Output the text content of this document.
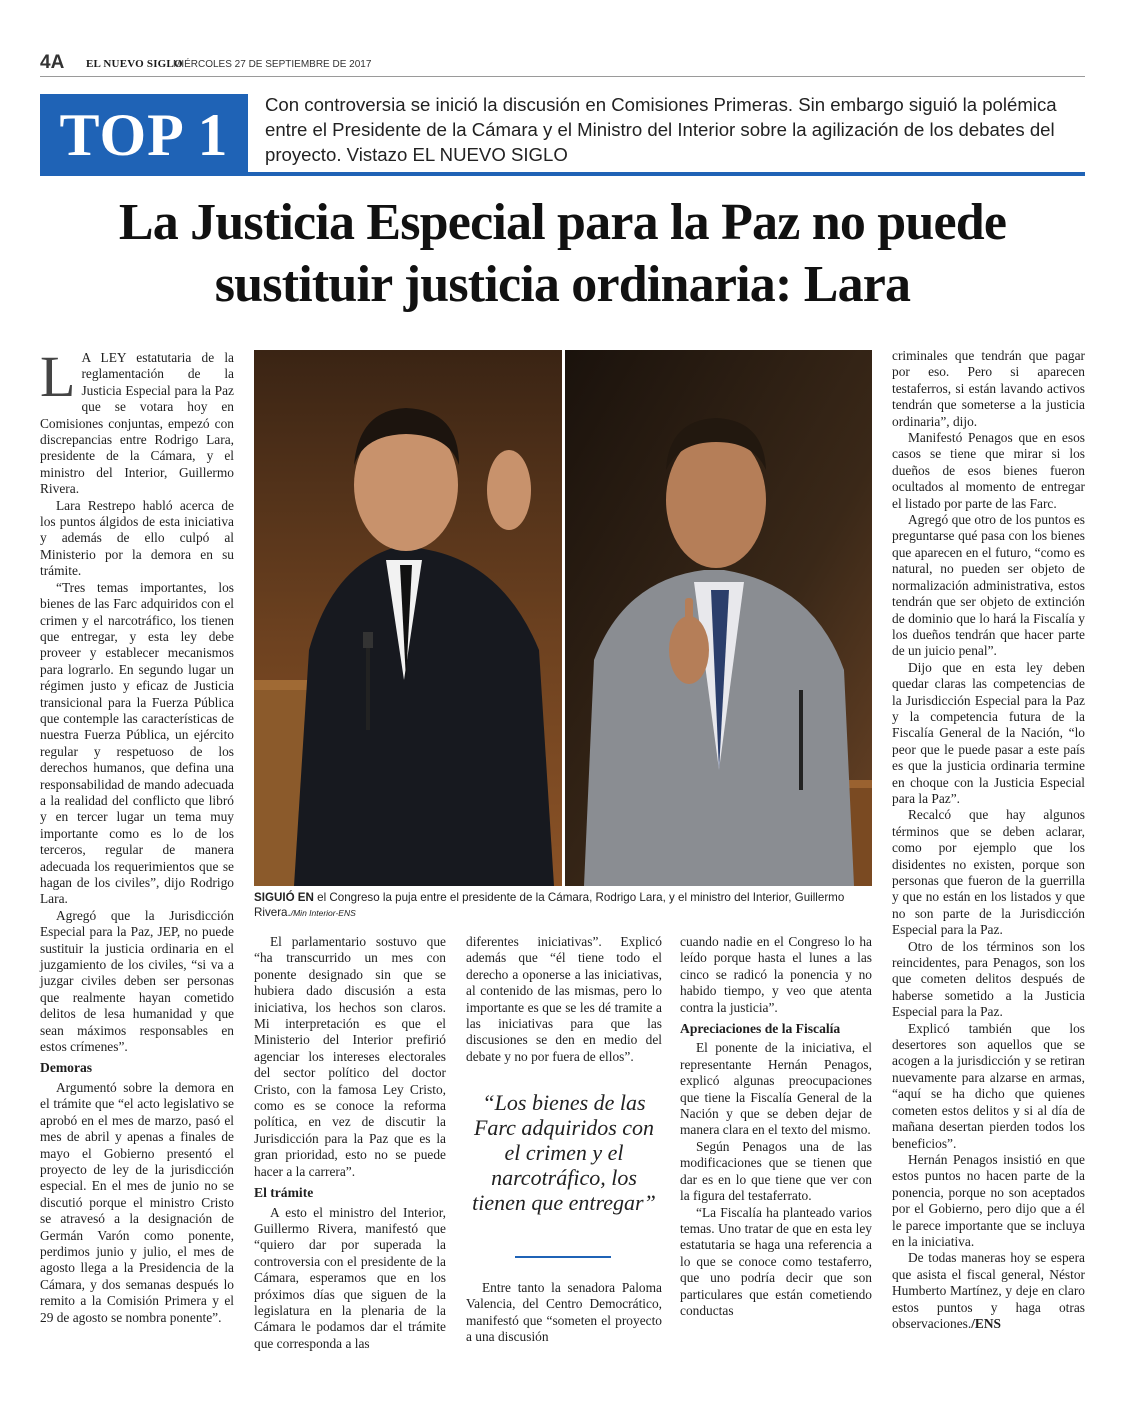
4A EL NUEVO SIGLO
MIÉRCOLES 27 DE SEPTIEMBRE DE 2017
TOP 1 Con controversia se inició la discusión en Comisiones Primeras. Sin embargo siguió la polémica entre el Presidente de la Cámara y el Ministro del Interior sobre la agilización de los debates del proyecto. Vistazo EL NUEVO SIGLO
La Justicia Especial para la Paz no puede sustituir justicia ordinaria: Lara

L A LEY estatutaria de la reglamentación de la Justicia Especial para la Paz que se votara hoy en Comisiones conjuntas, empezó con discrepancias entre Rodrigo Lara, presidente de la Cámara, y el ministro del Interior, Guillermo Rivera.

Lara Restrepo habló acerca de los puntos álgidos de esta iniciativa y además de ello culpó al Ministerio por la demora en su trámite.

“Tres temas importantes, los bienes de las Farc adquiridos con el crimen y el narcotráfico, los tienen que entregar, y esta ley debe proveer y establecer mecanismos para lograrlo. En segundo lugar un régimen justo y eficaz de Justicia transicional para la Fuerza Pública que contemple las características de nuestra Fuerza Pública, un ejército regular y respetuoso de los derechos humanos, que defina una responsabilidad de mando adecuada a la realidad del conflicto que libró y en tercer lugar un tema muy importante como es lo de los terceros, regular de manera adecuada los requerimientos que se hagan de los civiles”, dijo Rodrigo Lara.

Agregó que la Jurisdicción Especial para la Paz, JEP, no puede sustituir la justicia ordinaria en el juzgamiento de los civiles, “si va a juzgar civiles deben ser personas que realmente hayan cometido delitos de lesa humanidad y que sean máximos responsables en estos crímenes”.

Demoras

Argumentó sobre la demora en el trámite que “el acto legislativo se aprobó en el mes de marzo, pasó el mes de abril y apenas a finales de mayo el Gobierno presentó el proyecto de ley de la jurisdicción especial. En el mes de junio no se discutió porque el ministro Cristo se atravesó a la designación de Germán Varón como ponente, perdimos junio y julio, el mes de agosto llega a la Presidencia de la Cámara, y dos semanas después lo remito a la Comisión Primera y el 29 de agosto se nombra ponente”.

SIGUIÓ EN el Congreso la puja entre el presidente de la Cámara, Rodrigo Lara, y el ministro del Interior, Guillermo Rivera./Min Interior-ENS

El parlamentario sostuvo que “ha transcurrido un mes con ponente designado sin que se hubiera dado discusión a esta iniciativa, los hechos son claros. Mi interpretación es que el Ministerio del Interior prefirió agenciar los intereses electorales del sector político del doctor Cristo, con la famosa Ley Cristo, como es se conoce la reforma política, en vez de discutir la Jurisdicción para la Paz que es la gran prioridad, esto no se puede hacer a la carrera”.

El trámite

A esto el ministro del Interior, Guillermo Rivera, manifestó que “quiero dar por superada la controversia con el presidente de la Cámara, esperamos que en los próximos días que siguen de la legislatura en la plenaria de la Cámara le podamos dar el trámite que corresponda a las

diferentes iniciativas”. Explicó además que “él tiene todo el derecho a oponerse a las iniciativas, al contenido de las mismas, pero lo importante es que se les dé tramite a las iniciativas para que las discusiones se den en medio del debate y no por fuera de ellos”.

“Los bienes de las Farc adquiridos con el crimen y el narcotráfico, los tienen que entregar”

Entre tanto la senadora Paloma Valencia, del Centro Democrático, manifestó que “someten el proyecto a una discusión

cuando nadie en el Congreso lo ha leído porque hasta el lunes a las cinco se radicó la ponencia y no habido tiempo, y veo que atenta contra la justicia”.

Apreciaciones de la Fiscalía

El ponente de la iniciativa, el representante Hernán Penagos, explicó algunas preocupaciones que tiene la Fiscalía General de la Nación y que se deben dejar de manera clara en el texto del mismo.

Según Penagos una de las modificaciones que se tienen que dar es en lo que tiene que ver con la figura del testaferrato.

“La Fiscalía ha planteado varios temas. Uno tratar de que en esta ley estatutaria se haga una referencia a lo que se conoce como testaferro, que uno podría decir que son particulares que están cometiendo conductas

criminales que tendrán que pagar por eso. Pero si aparecen testaferros, si están lavando activos tendrán que someterse a la justicia ordinaria”, dijo.

Manifestó Penagos que en esos casos se tiene que mirar si los dueños de esos bienes fueron ocultados al momento de entregar el listado por parte de las Farc.

Agregó que otro de los puntos es preguntarse qué pasa con los bienes que aparecen en el futuro, “como es natural, no pueden ser objeto de normalización administrativa, estos tendrán que ser objeto de extinción de dominio que lo hará la Fiscalía y los dueños tendrán que hacer parte de un juicio penal”.

Dijo que en esta ley deben quedar claras las competencias de la Jurisdicción Especial para la Paz y la competencia futura de la Fiscalía General de la Nación, “lo peor que le puede pasar a este país es que la justicia ordinaria termine en choque con la Justicia Especial para la Paz”.

Recalcó que hay algunos términos que se deben aclarar, como por ejemplo que los disidentes no existen, porque son personas que fueron de la guerrilla y que no están en los listados y que no son parte de la Jurisdicción Especial para la Paz.

Otro de los términos son los reincidentes, para Penagos, son los que cometen delitos después de haberse sometido a la Justicia Especial para la Paz.

Explicó también que los desertores son aquellos que se acogen a la jurisdicción y se retiran nuevamente para alzarse en armas, “aquí se ha dicho que quienes cometen estos delitos y si al día de mañana desertan pierden todos los beneficios”.

Hernán Penagos insistió en que estos puntos no hacen parte de la ponencia, porque no son aceptados por el Gobierno, pero dijo que a él le parece importante que se incluya en la iniciativa.

De todas maneras hoy se espera que asista el fiscal general, Néstor Humberto Martínez, y deje en claro estos puntos y haga otras observaciones./ENS
